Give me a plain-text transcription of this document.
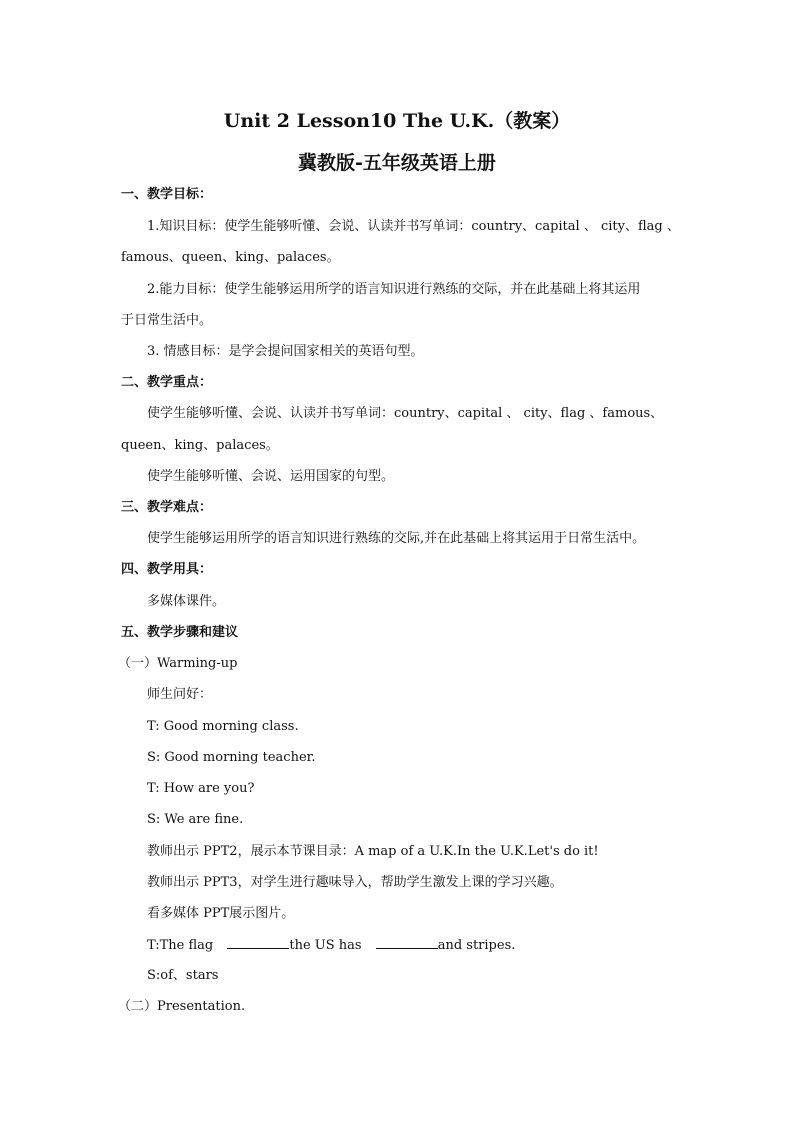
Unit 2 Lesson10 The U.K.（教案）
冀教版-五年级英语上册
一、教学目标：
1.知识目标：使学生能够听懂、会说、认读并书写单词：country、capital 、 city、flag 、
famous、queen、king、palaces。
2.能力目标：使学生能够运用所学的语言知识进行熟练的交际，并在此基础上将其运用
于日常生活中。
3. 情感目标：是学会提问国家相关的英语句型。
二、教学重点：
使学生能够听懂、会说、认读并书写单词：country、capital 、 city、flag 、famous、
queen、king、palaces。
使学生能够听懂、会说、运用国家的句型。
三、教学难点：
使学生能够运用所学的语言知识进行熟练的交际,并在此基础上将其运用于日常生活中。
四、教学用具：
多媒体课件。
五、教学步骤和建议
（一）Warming-up
师生问好：
T: Good morning class.
S: Good morning teacher.
T: How are you?
S: We are fine.
教师出示 PPT2，展示本节课目录：A map of a U.K.In the U.K.Let's do it!
教师出示 PPT3，对学生进行趣味导入，帮助学生激发上课的学习兴趣。
看多媒体 PPT展示图片。
T:The flag	the US has	and stripes.
S:of、stars
（二）Presentation.
